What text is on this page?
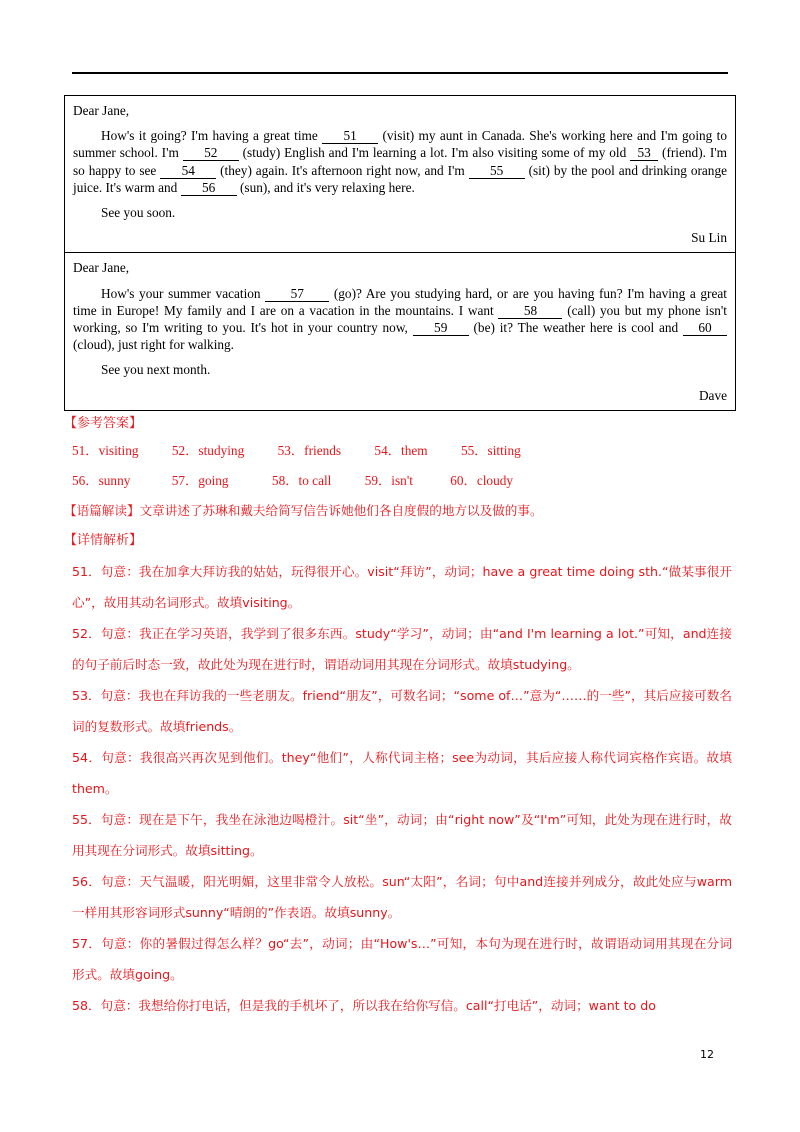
Dear Jane,
How's it going? I'm having a great time 51 (visit) my aunt in Canada. She's working here and I'm going to summer school. I'm 52 (study) English and I'm learning a lot. I'm also visiting some of my old 53 (friend). I'm so happy to see 54 (they) again. It's afternoon right now, and I'm 55 (sit) by the pool and drinking orange juice. It's warm and 56 (sun), and it's very relaxing here.
See you soon.
Su Lin
Dear Jane,
How's your summer vacation 57 (go)? Are you studying hard, or are you having fun? I'm having a great time in Europe! My family and I are on a vacation in the mountains. I want 58 (call) you but my phone isn't working, so I'm writing to you. It's hot in your country now, 59 (be) it? The weather here is cool and 60 (cloud), just right for walking.
See you next month.
Dave
【参考答案】
51．visiting	52．studying	53．friends	54．them	55．sitting
56．sunny	57．going	58．to call	59．isn't	60．cloudy
【语篇解读】文章讲述了苏琳和戴夫给简写信告诉她他们各自度假的地方以及做的事。
【详情解析】

51．句意：我在加拿大拜访我的姑姑，玩得很开心。visit“拜访”，动词；have a great time doing sth.“做某事很开心”，故用其动名词形式。故填visiting。

52．句意：我正在学习英语，我学到了很多东西。study“学习”，动词；由“and I'm learning a lot.”可知，and连接的句子前后时态一致，故此处为现在进行时，谓语动词用其现在分词形式。故填studying。

53．句意：我也在拜访我的一些老朋友。friend“朋友”，可数名词；“some of…”意为“……的一些”，其后应接可数名词的复数形式。故填friends。

54．句意：我很高兴再次见到他们。they“他们”，人称代词主格；see为动词，其后应接人称代词宾格作宾语。故填them。

55．句意：现在是下午，我坐在泳池边喝橙汁。sit“坐”，动词；由“right now”及“I'm”可知，此处为现在进行时，故用其现在分词形式。故填sitting。

56．句意：天气温暖，阳光明媚，这里非常令人放松。sun“太阳”，名词；句中and连接并列成分，故此处应与warm一样用其形容词形式sunny“晴朗的”作表语。故填sunny。

57．句意：你的暑假过得怎么样？go“去”，动词；由“How's…”可知，本句为现在进行时，故谓语动词用其现在分词形式。故填going。

58．句意：我想给你打电话，但是我的手机坏了，所以我在给你写信。call“打电话”，动词；want to do

12
